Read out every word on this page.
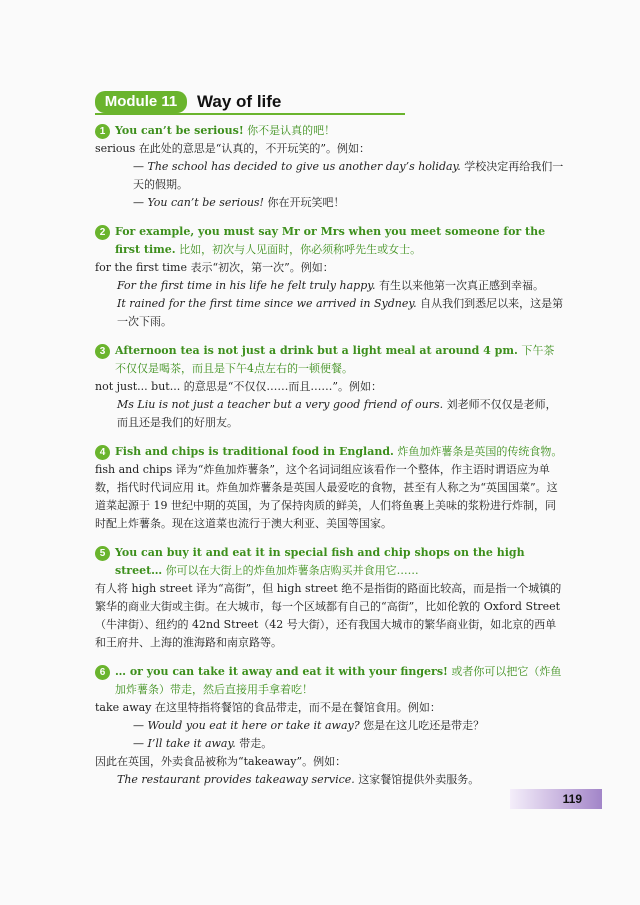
Module 11	Way of life
1 You can’t be serious! 你不是认真的吧！

serious 在此处的意思是“认真的，不开玩笑的”。例如：

— The school has decided to give us another day’s holiday. 学校决定再给我们一天的假期。

— You can’t be serious! 你在开玩笑吧！

2 For example, you must say Mr or Mrs when you meet someone for the first time. 比如，初次与人见面时，你必须称呼先生或女士。

for the first time 表示“初次，第一次”。例如：

For the first time in his life he felt truly happy. 有生以来他第一次真正感到幸福。

It rained for the first time since we arrived in Sydney. 自从我们到悉尼以来，这是第一次下雨。

3 Afternoon tea is not just a drink but a light meal at around 4 pm. 下午茶不仅仅是喝茶，而且是下午4点左右的一顿便餐。

not just... but... 的意思是“不仅仅……而且……”。例如：

Ms Liu is not just a teacher but a very good friend of ours. 刘老师不仅仅是老师，而且还是我们的好朋友。

4 Fish and chips is traditional food in England. 炸鱼加炸薯条是英国的传统食物。

fish and chips 译为“炸鱼加炸薯条”，这个名词词组应该看作一个整体，作主语时谓语应为单数，指代时代词应用 it。炸鱼加炸薯条是英国人最爱吃的食物，甚至有人称之为“英国国菜”。这道菜起源于 19 世纪中期的英国，为了保持肉质的鲜美，人们将鱼裹上美味的浆粉进行炸制，同时配上炸薯条。现在这道菜也流行于澳大利亚、美国等国家。

5 You can buy it and eat it in special fish and chip shops on the high street… 你可以在大街上的炸鱼加炸薯条店购买并食用它……

有人将 high street 译为“高街”，但 high street 绝不是指街的路面比较高，而是指一个城镇的繁华的商业大街或主街。在大城市，每一个区域都有自己的“高街”，比如伦敦的 Oxford Street（牛津街）、纽约的 42nd Street（42 号大街），还有我国大城市的繁华商业街，如北京的西单和王府井、上海的淮海路和南京路等。

6 … or you can take it away and eat it with your fingers! 或者你可以把它（炸鱼加炸薯条）带走，然后直接用手拿着吃！

take away 在这里特指将餐馆的食品带走，而不是在餐馆食用。例如：

— Would you eat it here or take it away? 您是在这儿吃还是带走？

— I’ll take it away. 带走。

因此在英国，外卖食品被称为“takeaway”。例如：

The restaurant provides takeaway service. 这家餐馆提供外卖服务。

119
